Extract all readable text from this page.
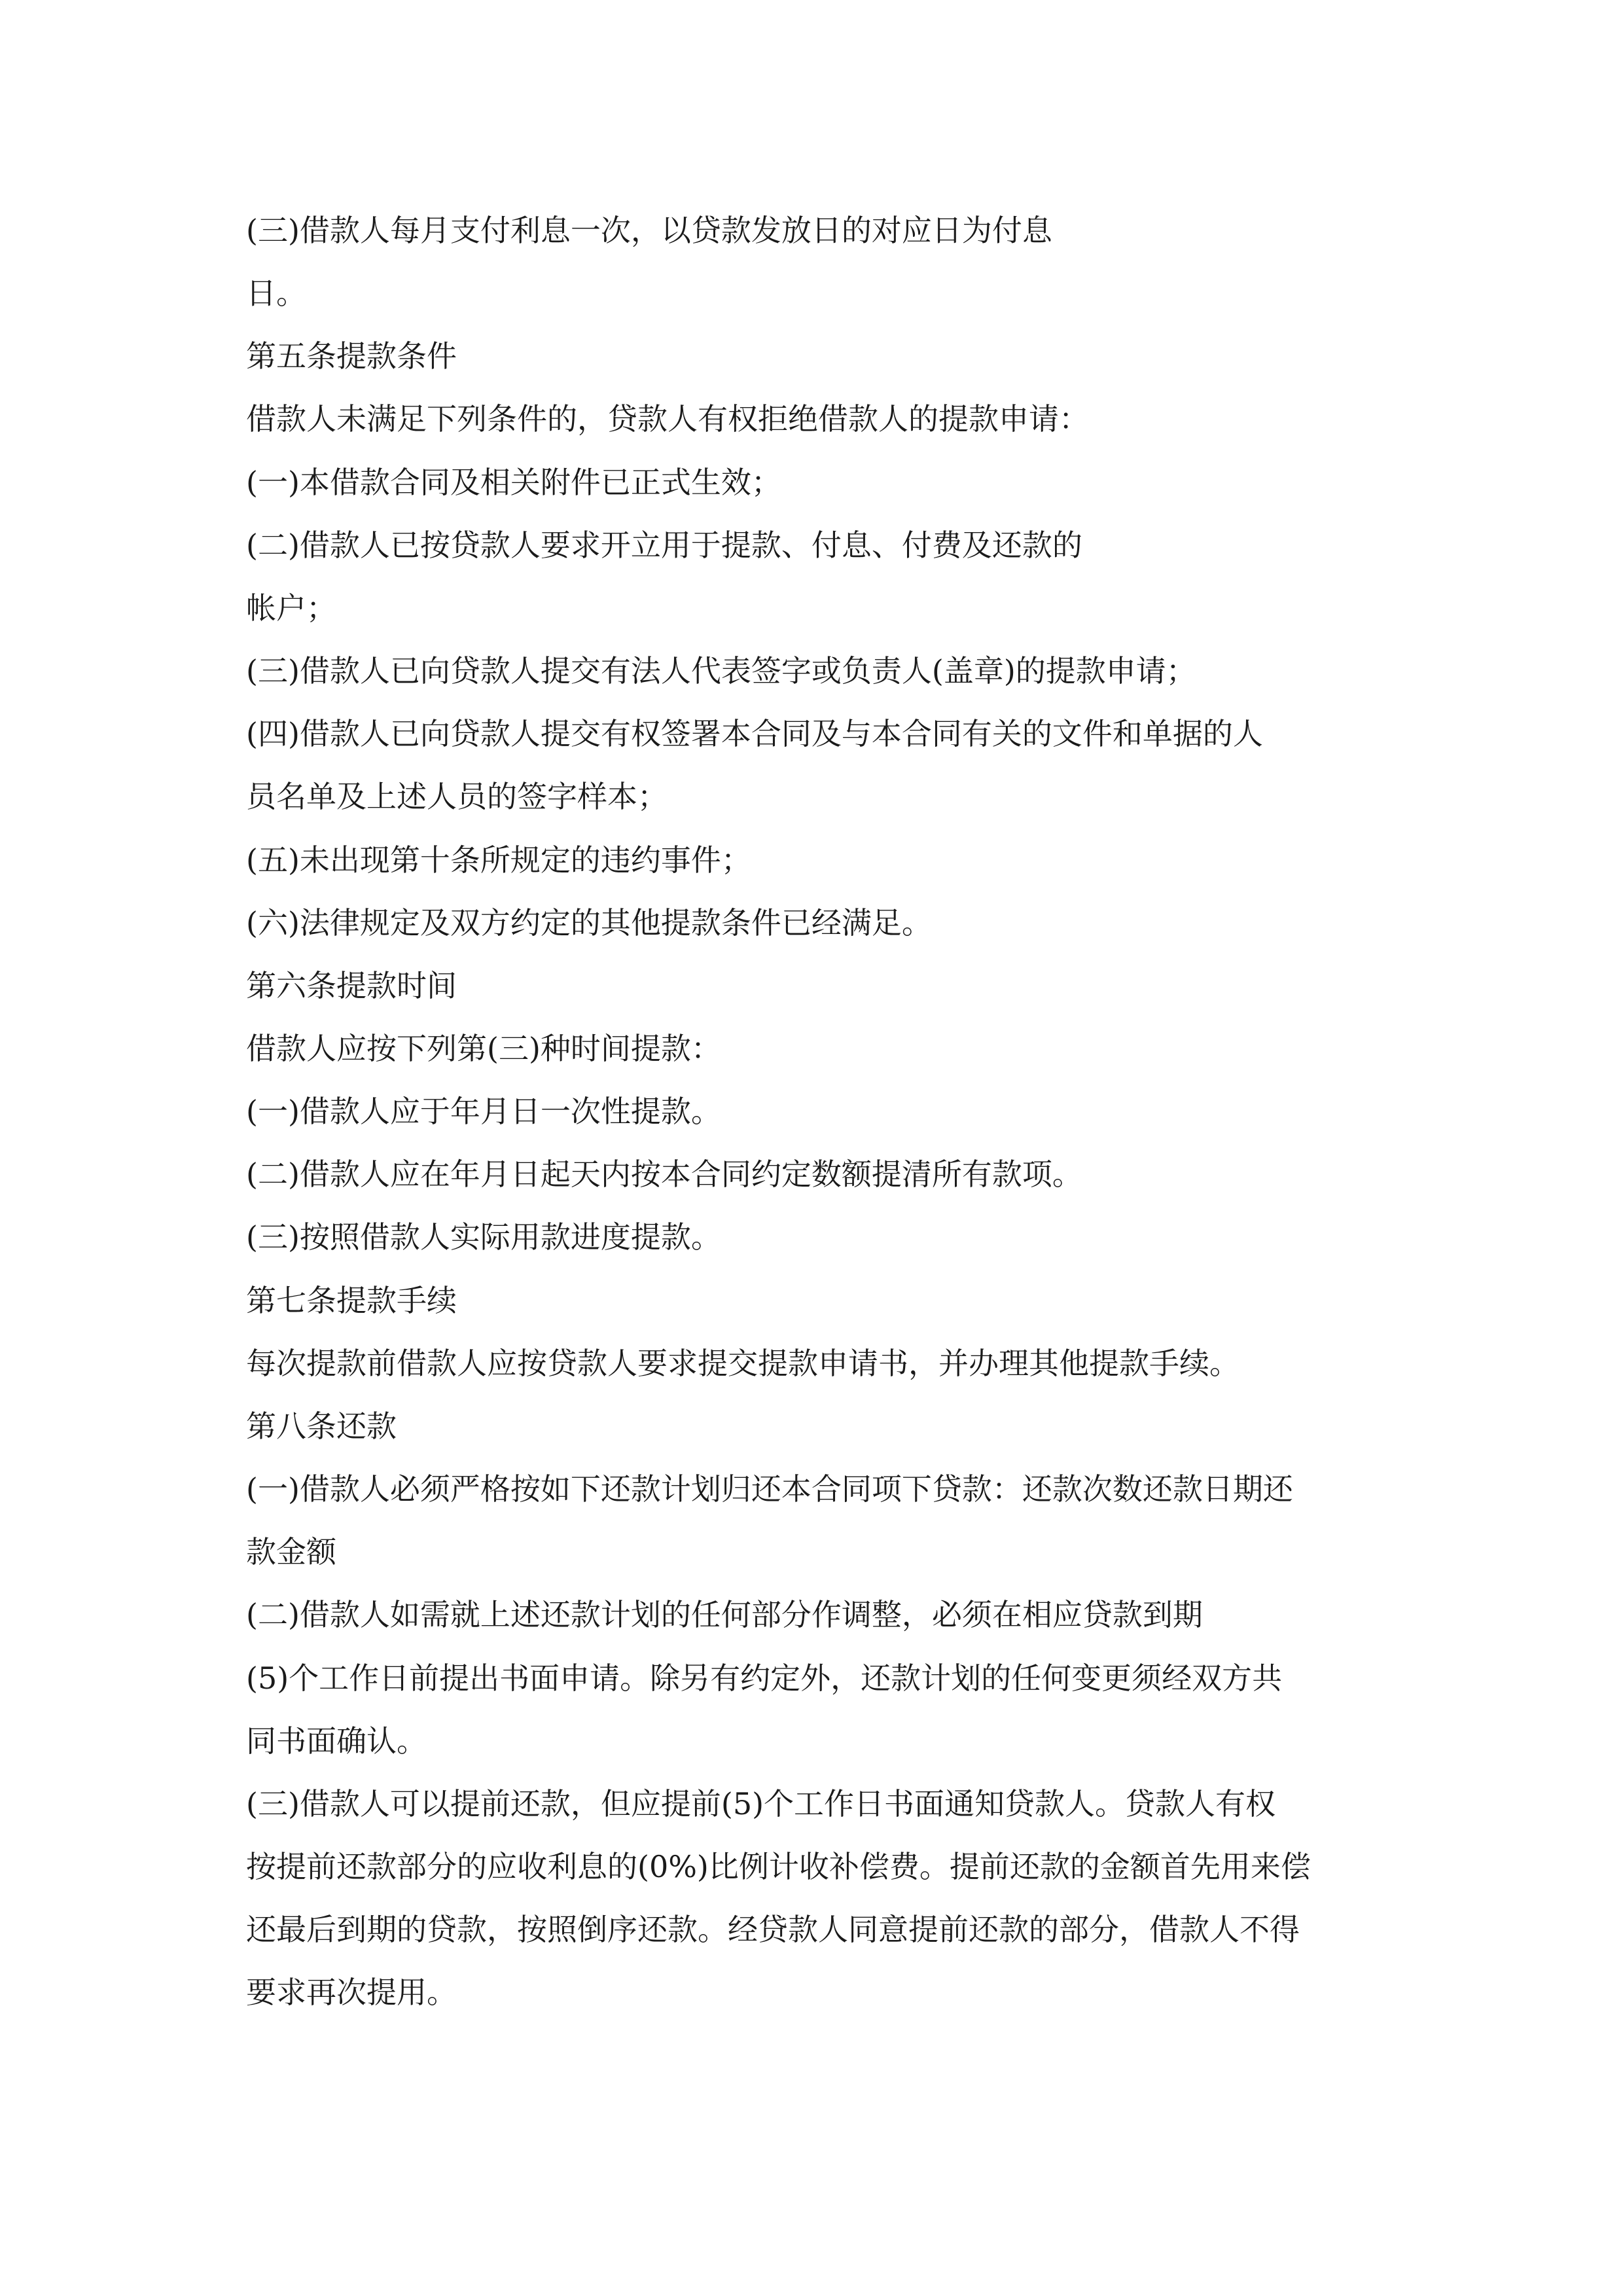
(三)借款人每月支付利息一次，以贷款发放日的对应日为付息
日。
第五条提款条件
借款人未满足下列条件的，贷款人有权拒绝借款人的提款申请：
(一)本借款合同及相关附件已正式生效；
(二)借款人已按贷款人要求开立用于提款、付息、付费及还款的
帐户；
(三)借款人已向贷款人提交有法人代表签字或负责人(盖章)的提款申请；
(四)借款人已向贷款人提交有权签署本合同及与本合同有关的文件和单据的人
员名单及上述人员的签字样本；
(五)未出现第十条所规定的违约事件；
(六)法律规定及双方约定的其他提款条件已经满足。
第六条提款时间
借款人应按下列第(三)种时间提款：
(一)借款人应于年月日一次性提款。
(二)借款人应在年月日起天内按本合同约定数额提清所有款项。
(三)按照借款人实际用款进度提款。
第七条提款手续
每次提款前借款人应按贷款人要求提交提款申请书，并办理其他提款手续。
第八条还款
(一)借款人必须严格按如下还款计划归还本合同项下贷款：还款次数还款日期还
款金额
(二)借款人如需就上述还款计划的任何部分作调整，必须在相应贷款到期
(5)个工作日前提出书面申请。除另有约定外，还款计划的任何变更须经双方共
同书面确认。
(三)借款人可以提前还款，但应提前(5)个工作日书面通知贷款人。贷款人有权
按提前还款部分的应收利息的(0%)比例计收补偿费。提前还款的金额首先用来偿
还最后到期的贷款，按照倒序还款。经贷款人同意提前还款的部分，借款人不得
要求再次提用。
